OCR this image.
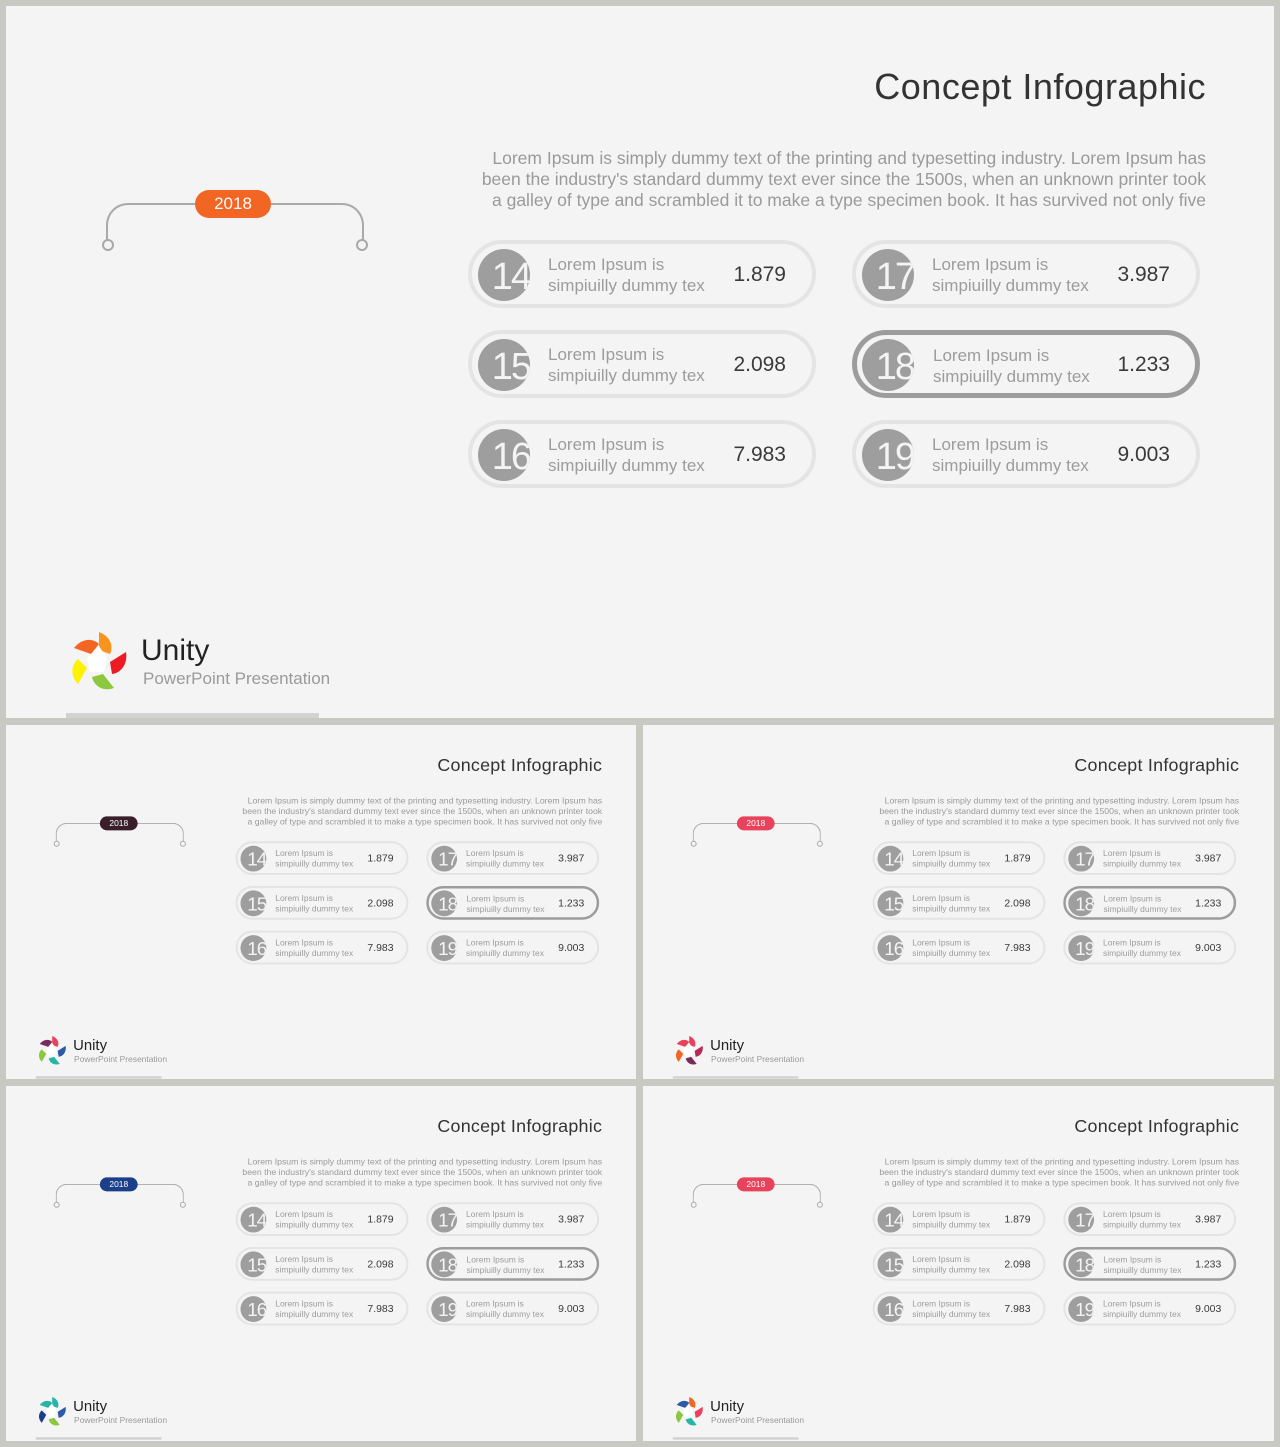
Concept Infographic
Lorem Ipsum is simply dummy text of the printing and typesetting industry. Lorem Ipsum has been the industry's standard dummy text ever since the 1500s, when an unknown printer took a galley of type and scrambled it to make a type specimen book. It has survived not only five
2018
14 Lorem Ipsum is
simpiuilly dummy tex 1.879
15 Lorem Ipsum is
simpiuilly dummy tex 2.098
16 Lorem Ipsum is
simpiuilly dummy tex 7.983
17 Lorem Ipsum is
simpiuilly dummy tex 3.987
18 Lorem Ipsum is
simpiuilly dummy tex
1.233
19 Lorem Ipsum is
simpiuilly dummy tex 9.003
Unity
PowerPoint Presentation
Concept Infographic
Lorem Ipsum is simply dummy text of the printing and typesetting industry. Lorem Ipsum has been the industry's standard dummy text ever since the 1500s, when an unknown printer took a galley of type and scrambled it to make a type specimen book. It has survived not only five
2018
14 Lorem Ipsum is
simpiuilly dummy tex 1.879
15 Lorem Ipsum is
simpiuilly dummy tex 2.098
16 Lorem Ipsum is
simpiuilly dummy tex 7.983
17 Lorem Ipsum is
simpiuilly dummy tex 3.987
18 Lorem Ipsum is
simpiuilly dummy tex
1.233
19 Lorem Ipsum is
simpiuilly dummy tex 9.003
Unity
PowerPoint Presentation
Concept Infographic
Lorem Ipsum is simply dummy text of the printing and typesetting industry. Lorem Ipsum has been the industry's standard dummy text ever since the 1500s, when an unknown printer took a galley of type and scrambled it to make a type specimen book. It has survived not only five
2018
14 Lorem Ipsum is
simpiuilly dummy tex 1.879
15 Lorem Ipsum is
simpiuilly dummy tex 2.098
16 Lorem Ipsum is
simpiuilly dummy tex 7.983
17 Lorem Ipsum is
simpiuilly dummy tex 3.987
18 Lorem Ipsum is
simpiuilly dummy tex
1.233
19 Lorem Ipsum is
simpiuilly dummy tex 9.003
Unity
PowerPoint Presentation
Concept Infographic
Lorem Ipsum is simply dummy text of the printing and typesetting industry. Lorem Ipsum has been the industry's standard dummy text ever since the 1500s, when an unknown printer took a galley of type and scrambled it to make a type specimen book. It has survived not only five
2018
14 Lorem Ipsum is
simpiuilly dummy tex 1.879
15 Lorem Ipsum is
simpiuilly dummy tex 2.098
16 Lorem Ipsum is
simpiuilly dummy tex 7.983
17 Lorem Ipsum is
simpiuilly dummy tex 3.987
18 Lorem Ipsum is
simpiuilly dummy tex
1.233
19 Lorem Ipsum is
simpiuilly dummy tex 9.003
Unity
PowerPoint Presentation
Concept Infographic
Lorem Ipsum is simply dummy text of the printing and typesetting industry. Lorem Ipsum has been the industry's standard dummy text ever since the 1500s, when an unknown printer took a galley of type and scrambled it to make a type specimen book. It has survived not only five
2018
14 Lorem Ipsum is
simpiuilly dummy tex 1.879
15 Lorem Ipsum is
simpiuilly dummy tex 2.098
16 Lorem Ipsum is
simpiuilly dummy tex 7.983
17 Lorem Ipsum is
simpiuilly dummy tex 3.987
18 Lorem Ipsum is
simpiuilly dummy tex
1.233
19 Lorem Ipsum is
simpiuilly dummy tex 9.003
Unity
PowerPoint Presentation
